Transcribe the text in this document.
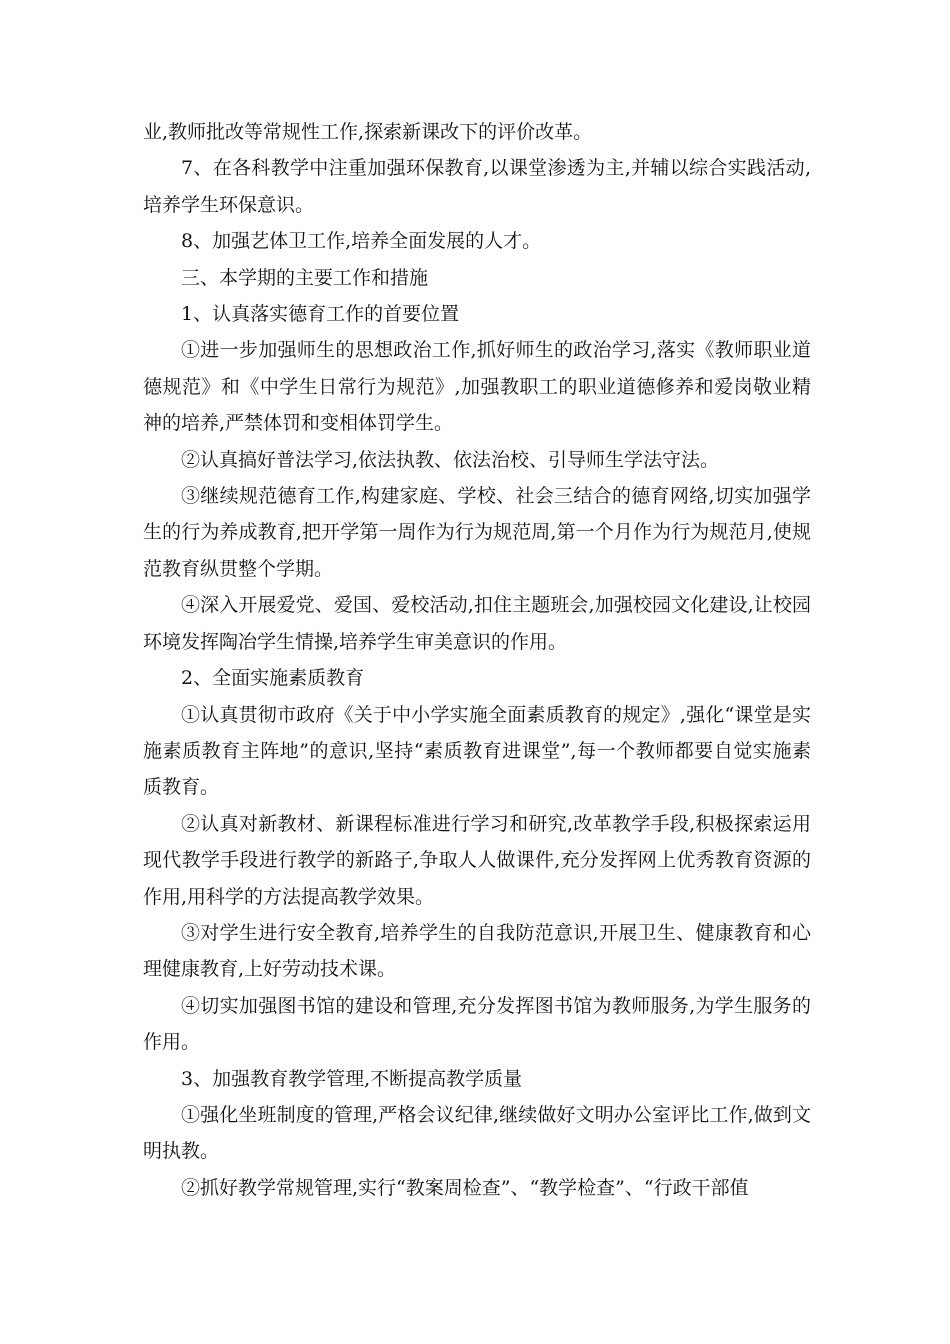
业,教师批改等常规性工作,探索新课改下的评价改革。

7、在各科教学中注重加强环保教育,以课堂渗透为主,并辅以综合实践活动,培养学生环保意识。

8、加强艺体卫工作,培养全面发展的人才。

三、本学期的主要工作和措施

1、认真落实德育工作的首要位置

①进一步加强师生的思想政治工作,抓好师生的政治学习,落实《教师职业道德规范》和《中学生日常行为规范》,加强教职工的职业道德修养和爱岗敬业精神的培养,严禁体罚和变相体罚学生。

②认真搞好普法学习,依法执教、依法治校、引导师生学法守法。

③继续规范德育工作,构建家庭、学校、社会三结合的德育网络,切实加强学生的行为养成教育,把开学第一周作为行为规范周,第一个月作为行为规范月,使规范教育纵贯整个学期。

④深入开展爱党、爱国、爱校活动,扣住主题班会,加强校园文化建设,让校园环境发挥陶冶学生情操,培养学生审美意识的作用。

2、全面实施素质教育

①认真贯彻市政府《关于中小学实施全面素质教育的规定》,强化“课堂是实施素质教育主阵地”的意识,坚持“素质教育进课堂”,每一个教师都要自觉实施素质教育。

②认真对新教材、新课程标准进行学习和研究,改革教学手段,积极探索运用现代教学手段进行教学的新路子,争取人人做课件,充分发挥网上优秀教育资源的作用,用科学的方法提高教学效果。

③对学生进行安全教育,培养学生的自我防范意识,开展卫生、健康教育和心理健康教育,上好劳动技术课。

④切实加强图书馆的建设和管理,充分发挥图书馆为教师服务,为学生服务的作用。

3、加强教育教学管理,不断提高教学质量

①强化坐班制度的管理,严格会议纪律,继续做好文明办公室评比工作,做到文明执教。

②抓好教学常规管理,实行“教案周检查”、“教学检查”、“行政干部值
